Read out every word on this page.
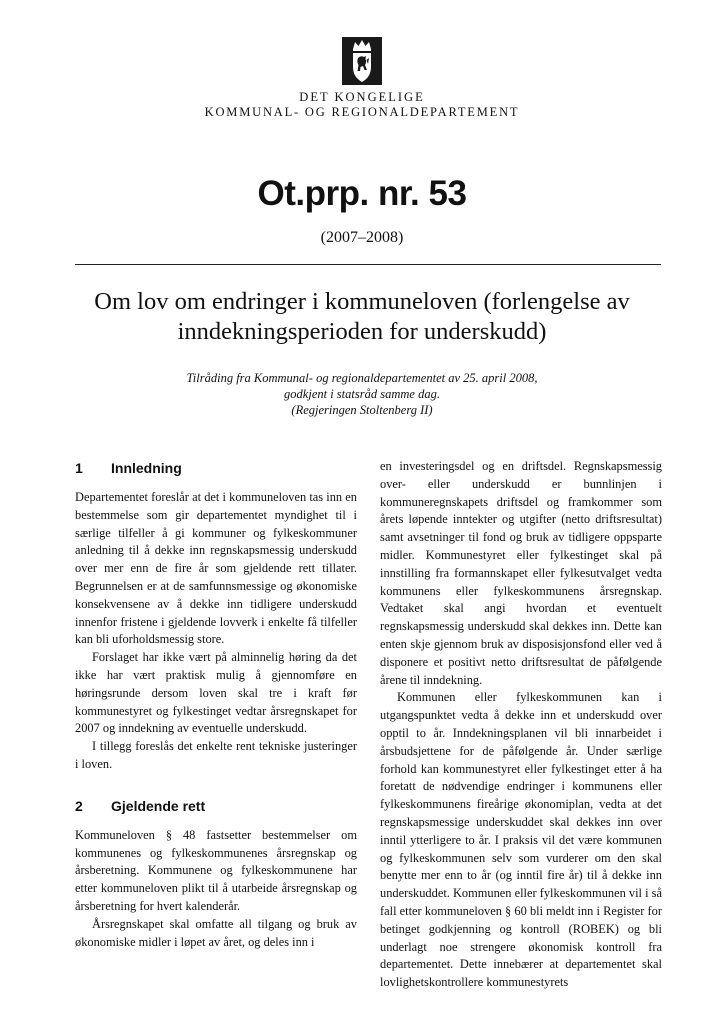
DET KONGELIGE
KOMMUNAL- OG REGIONALDEPARTEMENT
Ot.prp. nr. 53
(2007–2008)
Om lov om endringer i kommuneloven (forlengelse av inndekningsperioden for underskudd)
Tilråding fra Kommunal- og regionaldepartementet av 25. april 2008,
godkjent i statsråd samme dag.
(Regjeringen Stoltenberg II)
1 Innledning

Departementet foreslår at det i kommuneloven tas inn en bestemmelse som gir departementet myndighet til i særlige tilfeller å gi kommuner og fylkeskommuner anledning til å dekke inn regnskapsmessig underskudd over mer enn de fire år som gjeldende rett tillater. Begrunnelsen er at de samfunnsmessige og økonomiske konsekvensene av å dekke inn tidligere underskudd innenfor fristene i gjeldende lovverk i enkelte få tilfeller kan bli uforholdsmessig store.

Forslaget har ikke vært på alminnelig høring da det ikke har vært praktisk mulig å gjennomføre en høringsrunde dersom loven skal tre i kraft før kommunestyret og fylkestinget vedtar årsregnskapet for 2007 og inndekning av eventuelle underskudd.

I tillegg foreslås det enkelte rent tekniske justeringer i loven.

2 Gjeldende rett

Kommuneloven § 48 fastsetter bestemmelser om kommunenes og fylkeskommunenes årsregnskap og årsberetning. Kommunene og fylkeskommunene har etter kommuneloven plikt til å utarbeide årsregnskap og årsberetning for hvert kalenderår.

Årsregnskapet skal omfatte all tilgang og bruk av økonomiske midler i løpet av året, og deles inn i

en investeringsdel og en driftsdel. Regnskapsmessig over- eller underskudd er bunnlinjen i kommuneregnskapets driftsdel og framkommer som årets løpende inntekter og utgifter (netto driftsresultat) samt avsetninger til fond og bruk av tidligere oppsparte midler. Kommunestyret eller fylkestinget skal på innstilling fra formannskapet eller fylkesutvalget vedta kommunens eller fylkeskommunens årsregnskap. Vedtaket skal angi hvordan et eventuelt regnskapsmessig underskudd skal dekkes inn. Dette kan enten skje gjennom bruk av disposisjonsfond eller ved å disponere et positivt netto driftsresultat de påfølgende årene til inndekning.

Kommunen eller fylkeskommunen kan i utgangspunktet vedta å dekke inn et underskudd over opptil to år. Inndekningsplanen vil bli innarbeidet i årsbudsjettene for de påfølgende år. Under særlige forhold kan kommunestyret eller fylkestinget etter å ha foretatt de nødvendige endringer i kommunens eller fylkeskommunens fireårige økonomiplan, vedta at det regnskapsmessige underskuddet skal dekkes inn over inntil ytterligere to år. I praksis vil det være kommunen og fylkeskommunen selv som vurderer om den skal benytte mer enn to år (og inntil fire år) til å dekke inn underskuddet. Kommunen eller fylkeskommunen vil i så fall etter kommuneloven § 60 bli meldt inn i Register for betinget godkjenning og kontroll (ROBEK) og bli underlagt noe strengere økonomisk kontroll fra departementet. Dette innebærer at departementet skal lovlighetskontrollere kommunestyrets
